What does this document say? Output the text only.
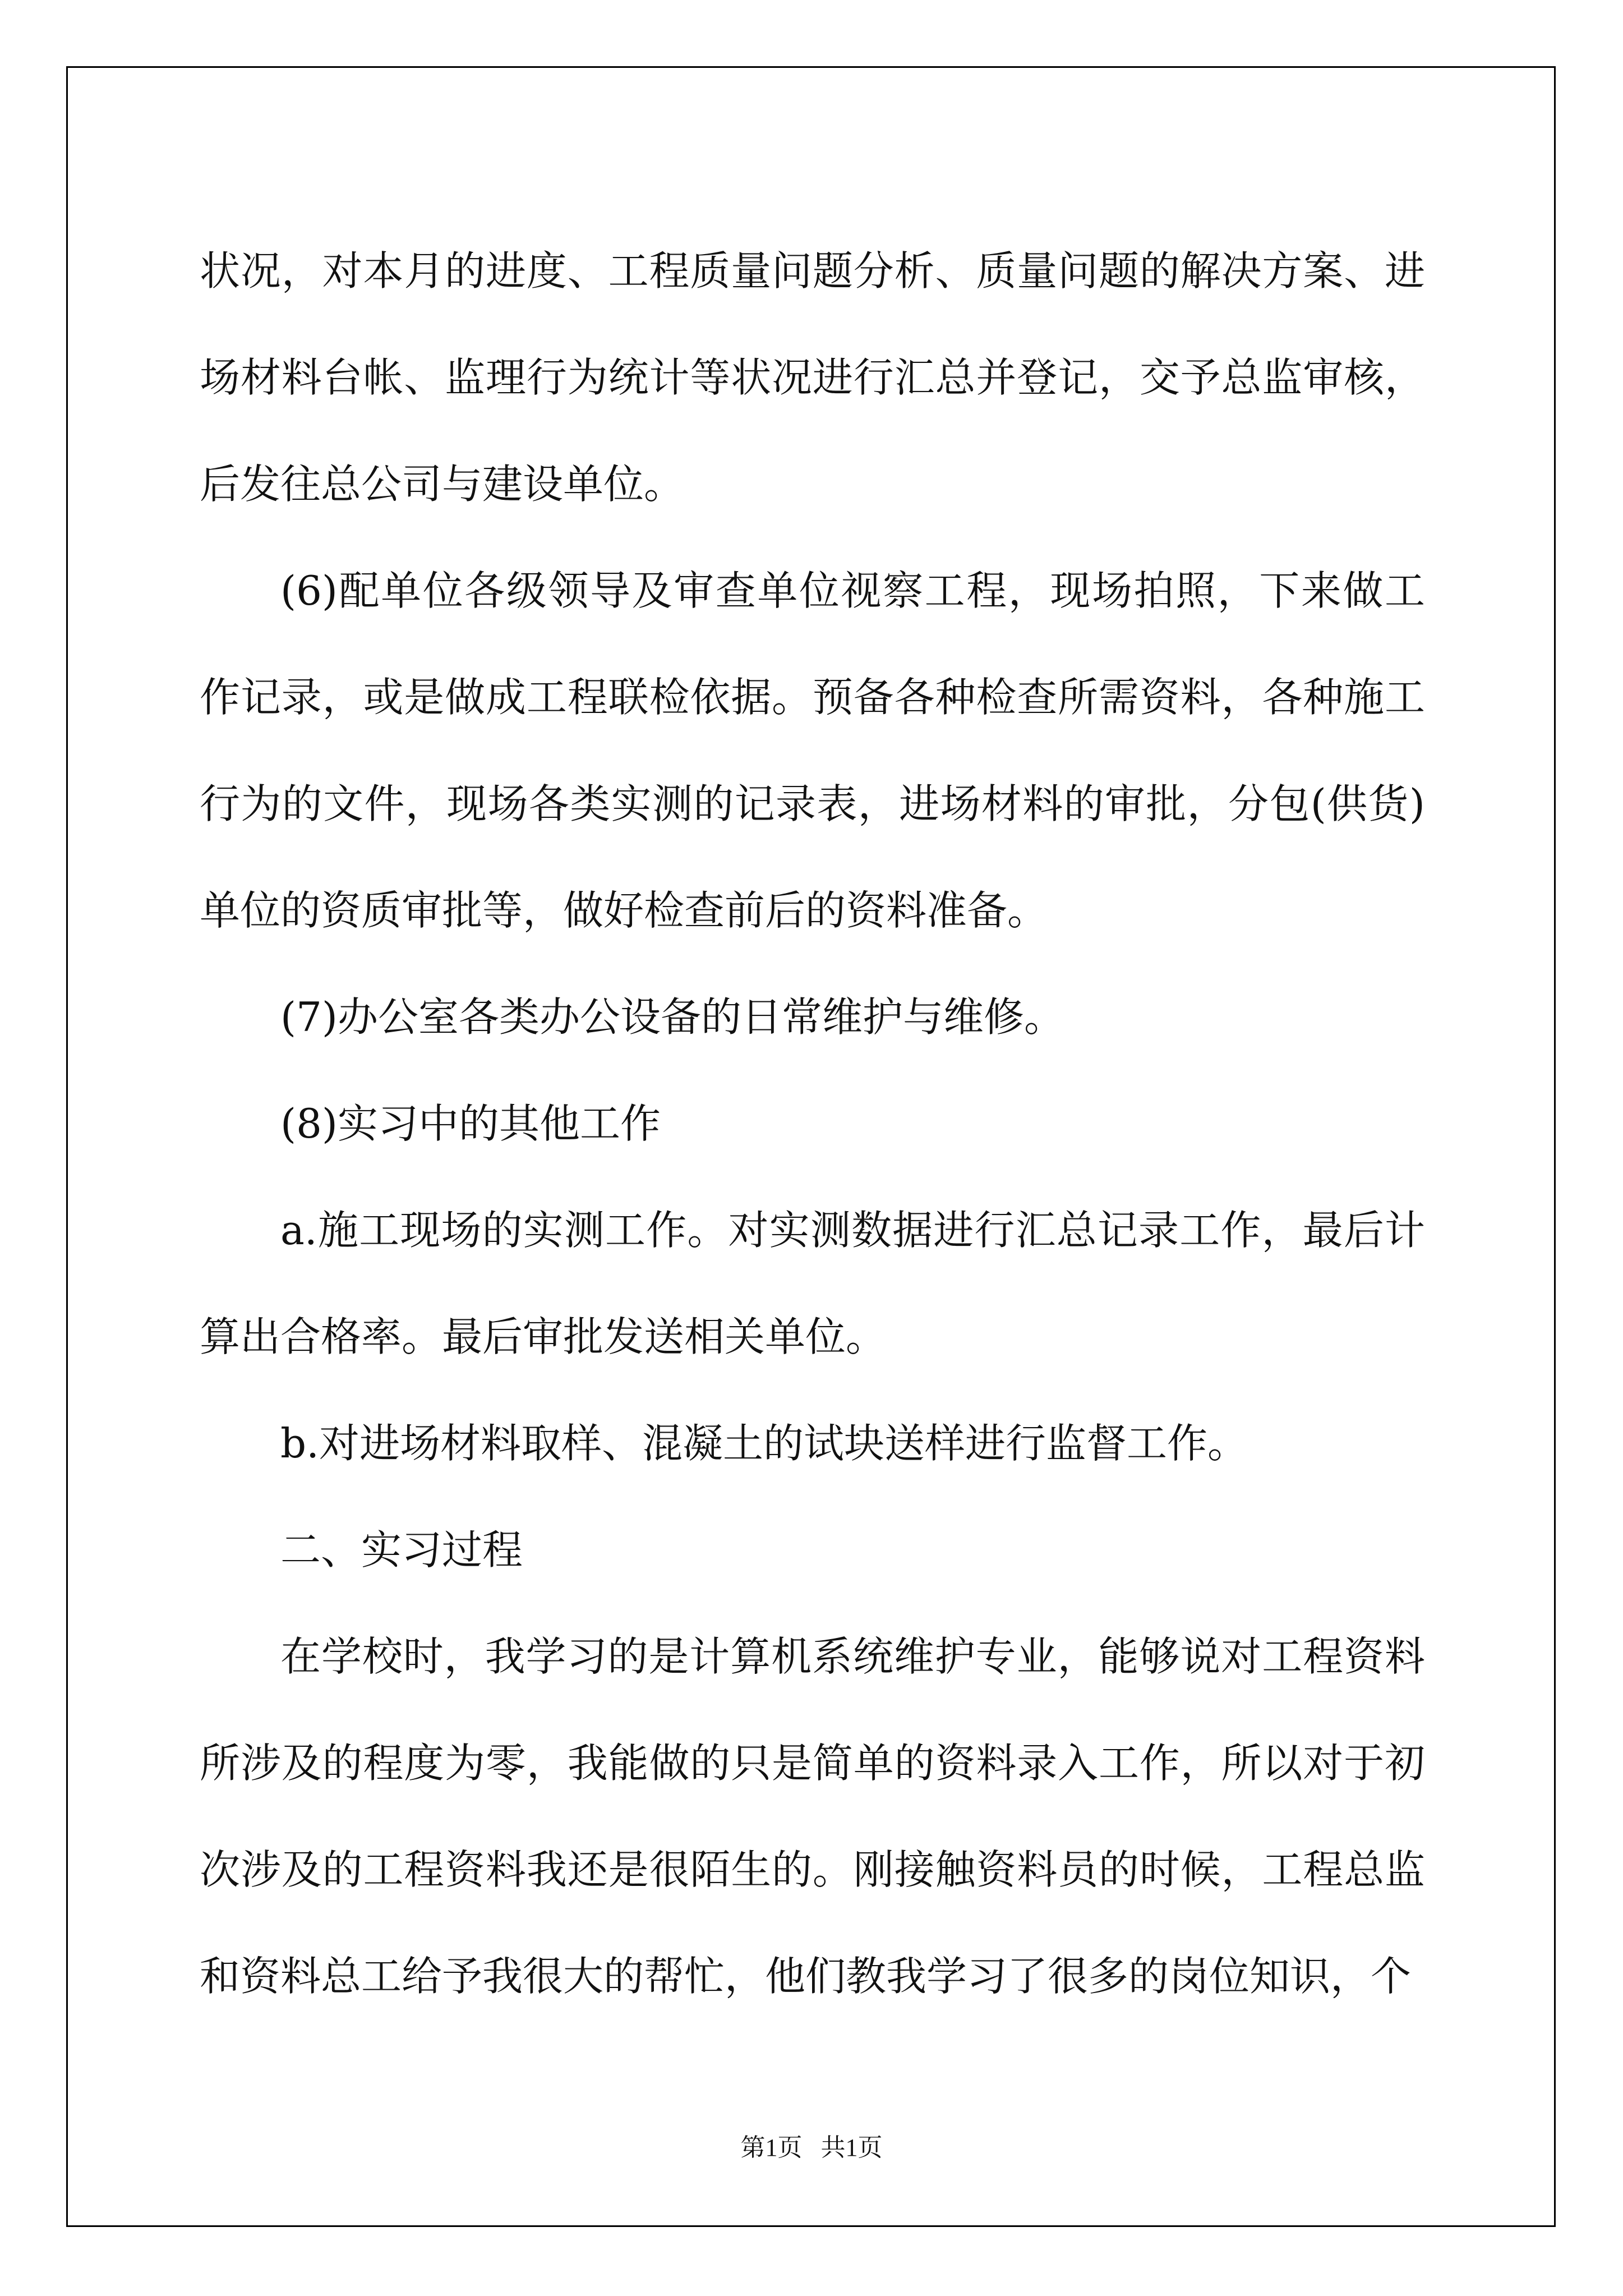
状况，对本月的进度、工程质量问题分析、质量问题的解决方案、进场材料台帐、监理行为统计等状况进行汇总并登记，交予总监审核，后发往总公司与建设单位。

(6)配单位各级领导及审查单位视察工程，现场拍照，下来做工作记录，或是做成工程联检依据。预备各种检查所需资料，各种施工行为的文件，现场各类实测的记录表，进场材料的审批，分包(供货)单位的资质审批等，做好检查前后的资料准备。

(7)办公室各类办公设备的日常维护与维修。

(8)实习中的其他工作

a.施工现场的实测工作。对实测数据进行汇总记录工作，最后计算出合格率。最后审批发送相关单位。

b.对进场材料取样、混凝土的试块送样进行监督工作。

二、实习过程

在学校时，我学习的是计算机系统维护专业，能够说对工程资料所涉及的程度为零，我能做的只是简单的资料录入工作，所以对于初次涉及的工程资料我还是很陌生的。刚接触资料员的时候，工程总监和资料总工给予我很大的帮忙，他们教我学习了很多的岗位知识，个

第1页   共1页
